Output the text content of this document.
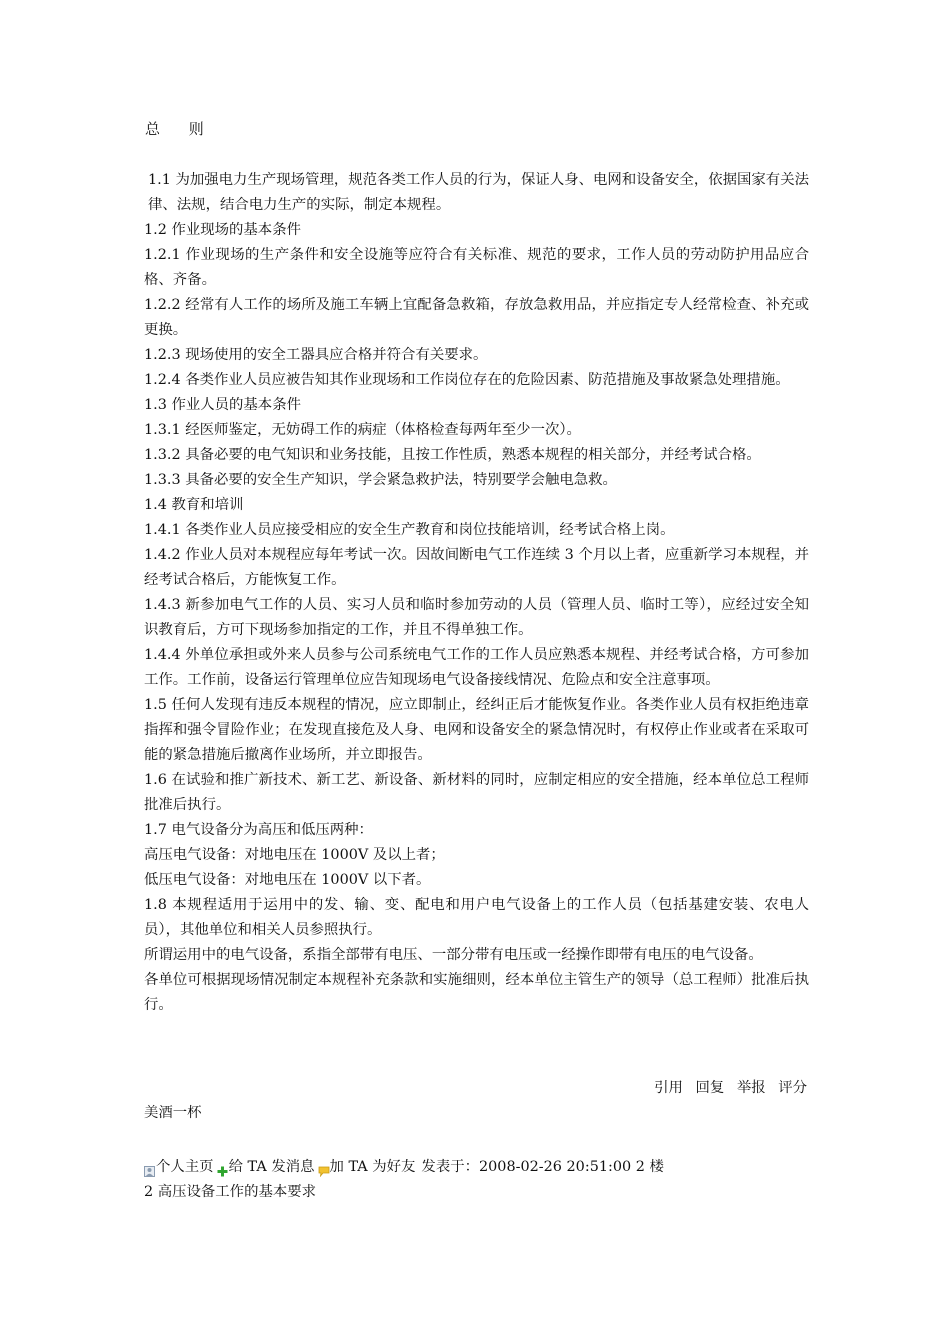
总 则

1.1 为加强电力生产现场管理，规范各类工作人员的行为，保证人身、电网和设备安全，依据国家有关法律、法规，结合电力生产的实际，制定本规程。

1.2 作业现场的基本条件

1.2.1 作业现场的生产条件和安全设施等应符合有关标准、规范的要求，工作人员的劳动防护用品应合格、齐备。

1.2.2 经常有人工作的场所及施工车辆上宜配备急救箱，存放急救用品，并应指定专人经常检查、补充或更换。

1.2.3 现场使用的安全工器具应合格并符合有关要求。

1.2.4 各类作业人员应被告知其作业现场和工作岗位存在的危险因素、防范措施及事故紧急处理措施。

1.3 作业人员的基本条件

1.3.1 经医师鉴定，无妨碍工作的病症（体格检查每两年至少一次）。

1.3.2 具备必要的电气知识和业务技能，且按工作性质，熟悉本规程的相关部分，并经考试合格。

1.3.3 具备必要的安全生产知识，学会紧急救护法，特别要学会触电急救。

1.4 教育和培训

1.4.1 各类作业人员应接受相应的安全生产教育和岗位技能培训，经考试合格上岗。

1.4.2 作业人员对本规程应每年考试一次。因故间断电气工作连续 3 个月以上者，应重新学习本规程，并经考试合格后，方能恢复工作。

1.4.3 新参加电气工作的人员、实习人员和临时参加劳动的人员（管理人员、临时工等），应经过安全知识教育后，方可下现场参加指定的工作，并且不得单独工作。

1.4.4 外单位承担或外来人员参与公司系统电气工作的工作人员应熟悉本规程、并经考试合格，方可参加工作。工作前，设备运行管理单位应告知现场电气设备接线情况、危险点和安全注意事项。

1.5 任何人发现有违反本规程的情况，应立即制止，经纠正后才能恢复作业。各类作业人员有权拒绝违章指挥和强令冒险作业；在发现直接危及人身、电网和设备安全的紧急情况时，有权停止作业或者在采取可能的紧急措施后撤离作业场所，并立即报告。

1.6 在试验和推广新技术、新工艺、新设备、新材料的同时，应制定相应的安全措施，经本单位总工程师批准后执行。

1.7 电气设备分为高压和低压两种：

高压电气设备：对地电压在 1000V 及以上者；

低压电气设备：对地电压在 1000V 以下者。

1.8 本规程适用于运用中的发、输、变、配电和用户电气设备上的工作人员（包括基建安装、农电人员），其他单位和相关人员参照执行。

所谓运用中的电气设备，系指全部带有电压、一部分带有电压或一经操作即带有电压的电气设备。

各单位可根据现场情况制定本规程补充条款和实施细则，经本单位主管生产的领导（总工程师）批准后执行。

引用 回复 举报 评分
美酒一杯
个人主页 给 TA 发消息 加 TA 为好友 发表于：2008-02-26 20:51:00 2 楼
2 高压设备工作的基本要求
